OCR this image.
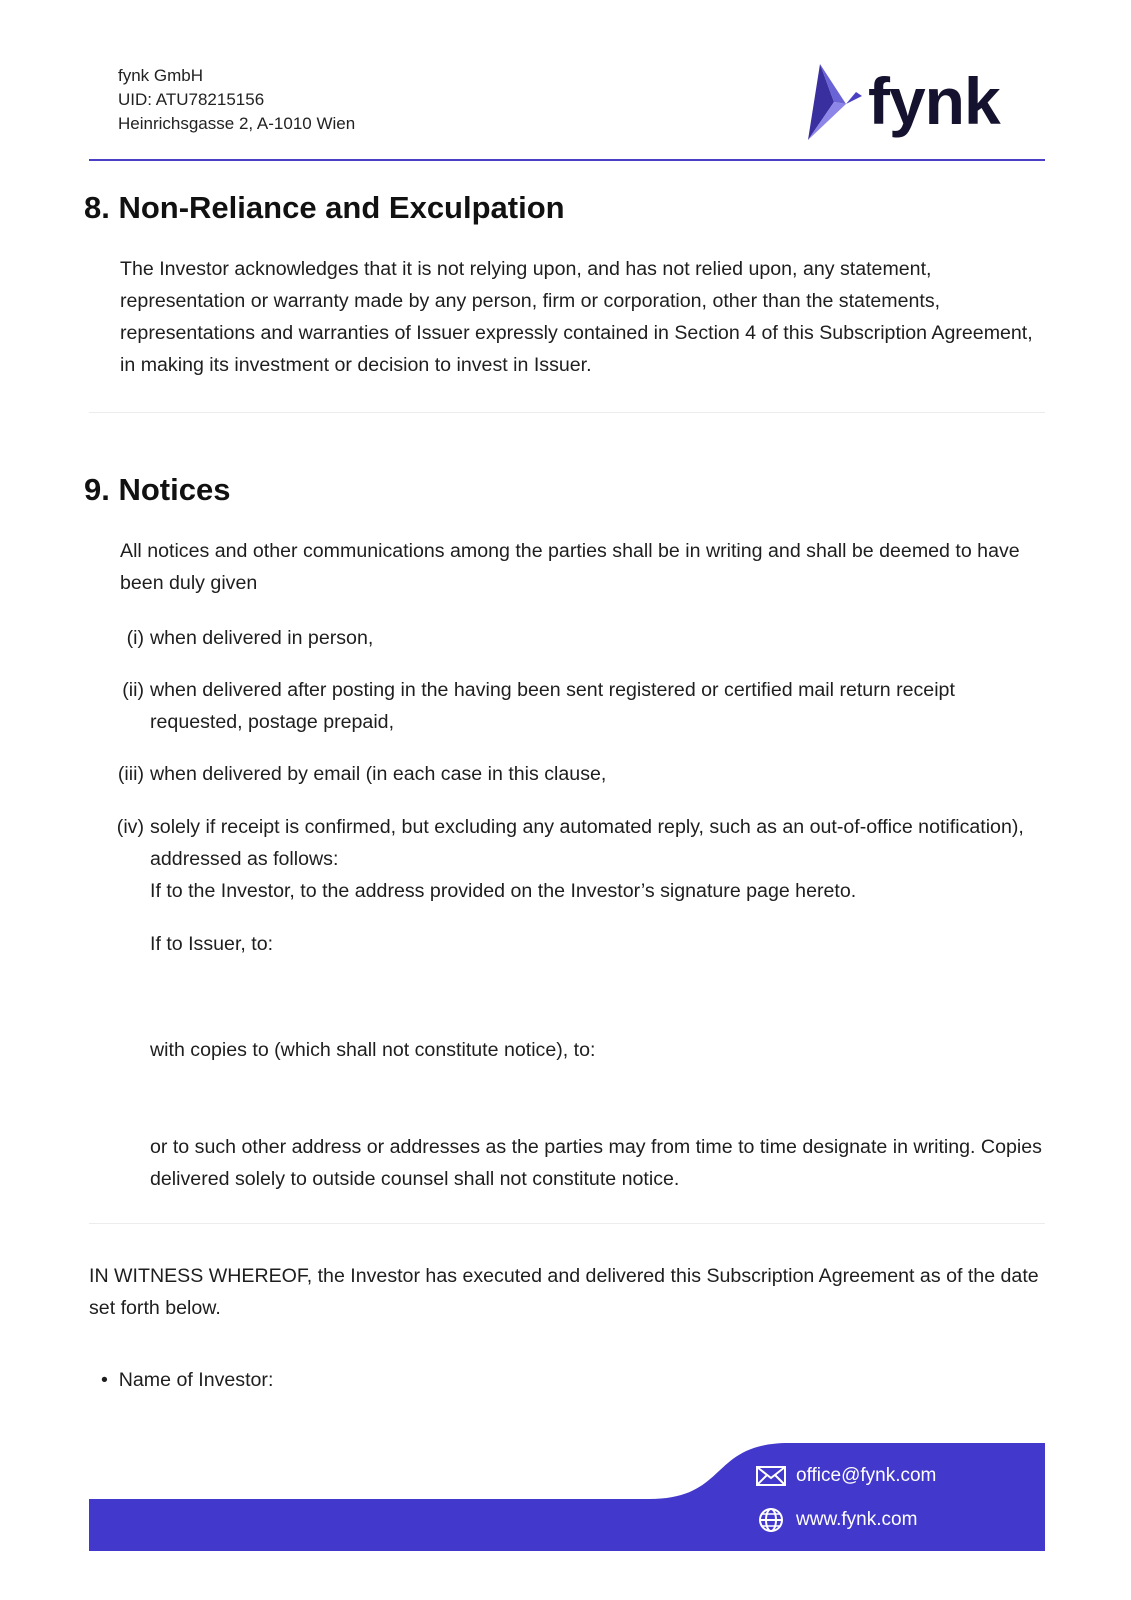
fynk GmbH
UID: ATU78215156
Heinrichsgasse 2, A-1010 Wien	fynk
8. Non-Reliance and Exculpation

The Investor acknowledges that it is not relying upon, and has not relied upon, any statement, representation or warranty made by any person, firm or corporation, other than the statements, representations and warranties of Issuer expressly contained in Section 4 of this Subscription Agreement, in making its investment or decision to invest in Issuer.

9. Notices

All notices and other communications among the parties shall be in writing and shall be deemed to have been duly given

(i) when delivered in person,
(ii) when delivered after posting in the having been sent registered or certified mail return receipt requested, postage prepaid,
(iii) when delivered by email (in each case in this clause,
(iv) solely if receipt is confirmed, but excluding any automated reply, such as an out-of-office notification), addressed as follows:
If to the Investor, to the address provided on the Investor’s signature page hereto.
If to Issuer, to:
with copies to (which shall not constitute notice), to:
or to such other address or addresses as the parties may from time to time designate in writing. Copies delivered solely to outside counsel shall not constitute notice.
IN WITNESS WHEREOF, the Investor has executed and delivered this Subscription Agreement as of the date set forth below.
•  Name of Investor:
office@fynk.com
www.fynk.com
